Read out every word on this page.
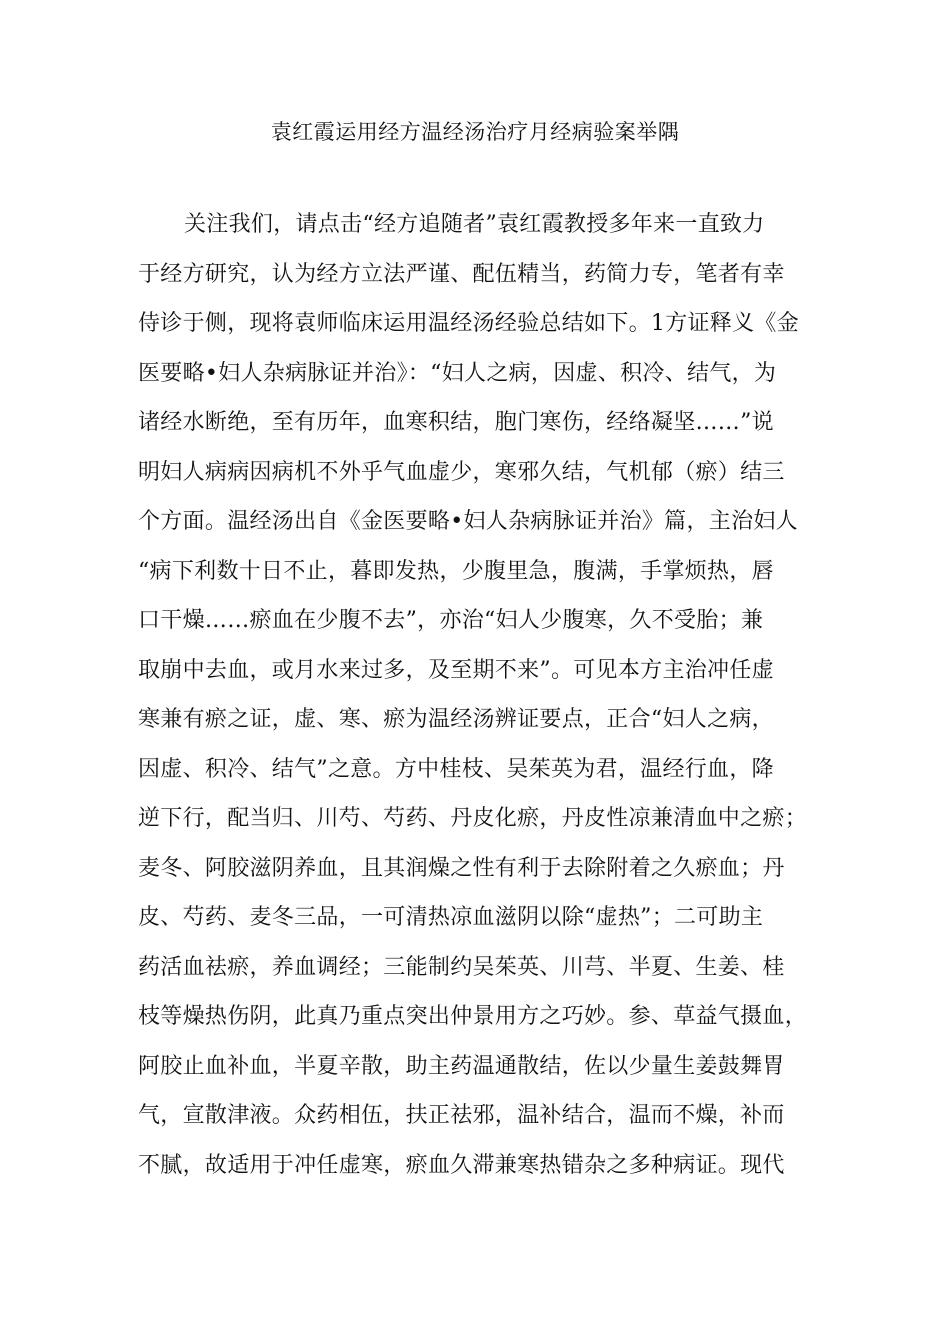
袁红霞运用经方温经汤治疗月经病验案举隅
关注我们，请点击“经方追随者”袁红霞教授多年来一直致力
于经方研究，认为经方立法严谨、配伍精当，药简力专，笔者有幸
侍诊于侧，现将袁师临床运用温经汤经验总结如下。1方证释义《金
医要略•妇人杂病脉证并治》：“妇人之病，因虚、积冷、结气，为
诸经水断绝，至有历年，血寒积结，胞门寒伤，经络凝坚……”说
明妇人病病因病机不外乎气血虚少，寒邪久结，气机郁（瘀）结三
个方面。温经汤出自《金医要略•妇人杂病脉证并治》篇，主治妇人
“病下利数十日不止，暮即发热，少腹里急，腹满，手掌烦热，唇
口干燥……瘀血在少腹不去”，亦治“妇人少腹寒，久不受胎；兼
取崩中去血，或月水来过多，及至期不来”。可见本方主治冲任虚
寒兼有瘀之证，虚、寒、瘀为温经汤辨证要点，正合“妇人之病，
因虚、积冷、结气”之意。方中桂枝、吴茱英为君，温经行血，降
逆下行，配当归、川芍、芍药、丹皮化瘀，丹皮性凉兼清血中之瘀；
麦冬、阿胶滋阴养血，且其润燥之性有利于去除附着之久瘀血；丹
皮、芍药、麦冬三品，一可清热凉血滋阴以除“虚热”；二可助主
药活血祛瘀，养血调经；三能制约吴茱英、川芎、半夏、生姜、桂
枝等燥热伤阴，此真乃重点突出仲景用方之巧妙。参、草益气摄血，
阿胶止血补血，半夏辛散，助主药温通散结，佐以少量生姜鼓舞胃
气，宣散津液。众药相伍，扶正祛邪，温补结合，温而不燥，补而
不腻，故适用于冲任虚寒，瘀血久滞兼寒热错杂之多种病证。现代
